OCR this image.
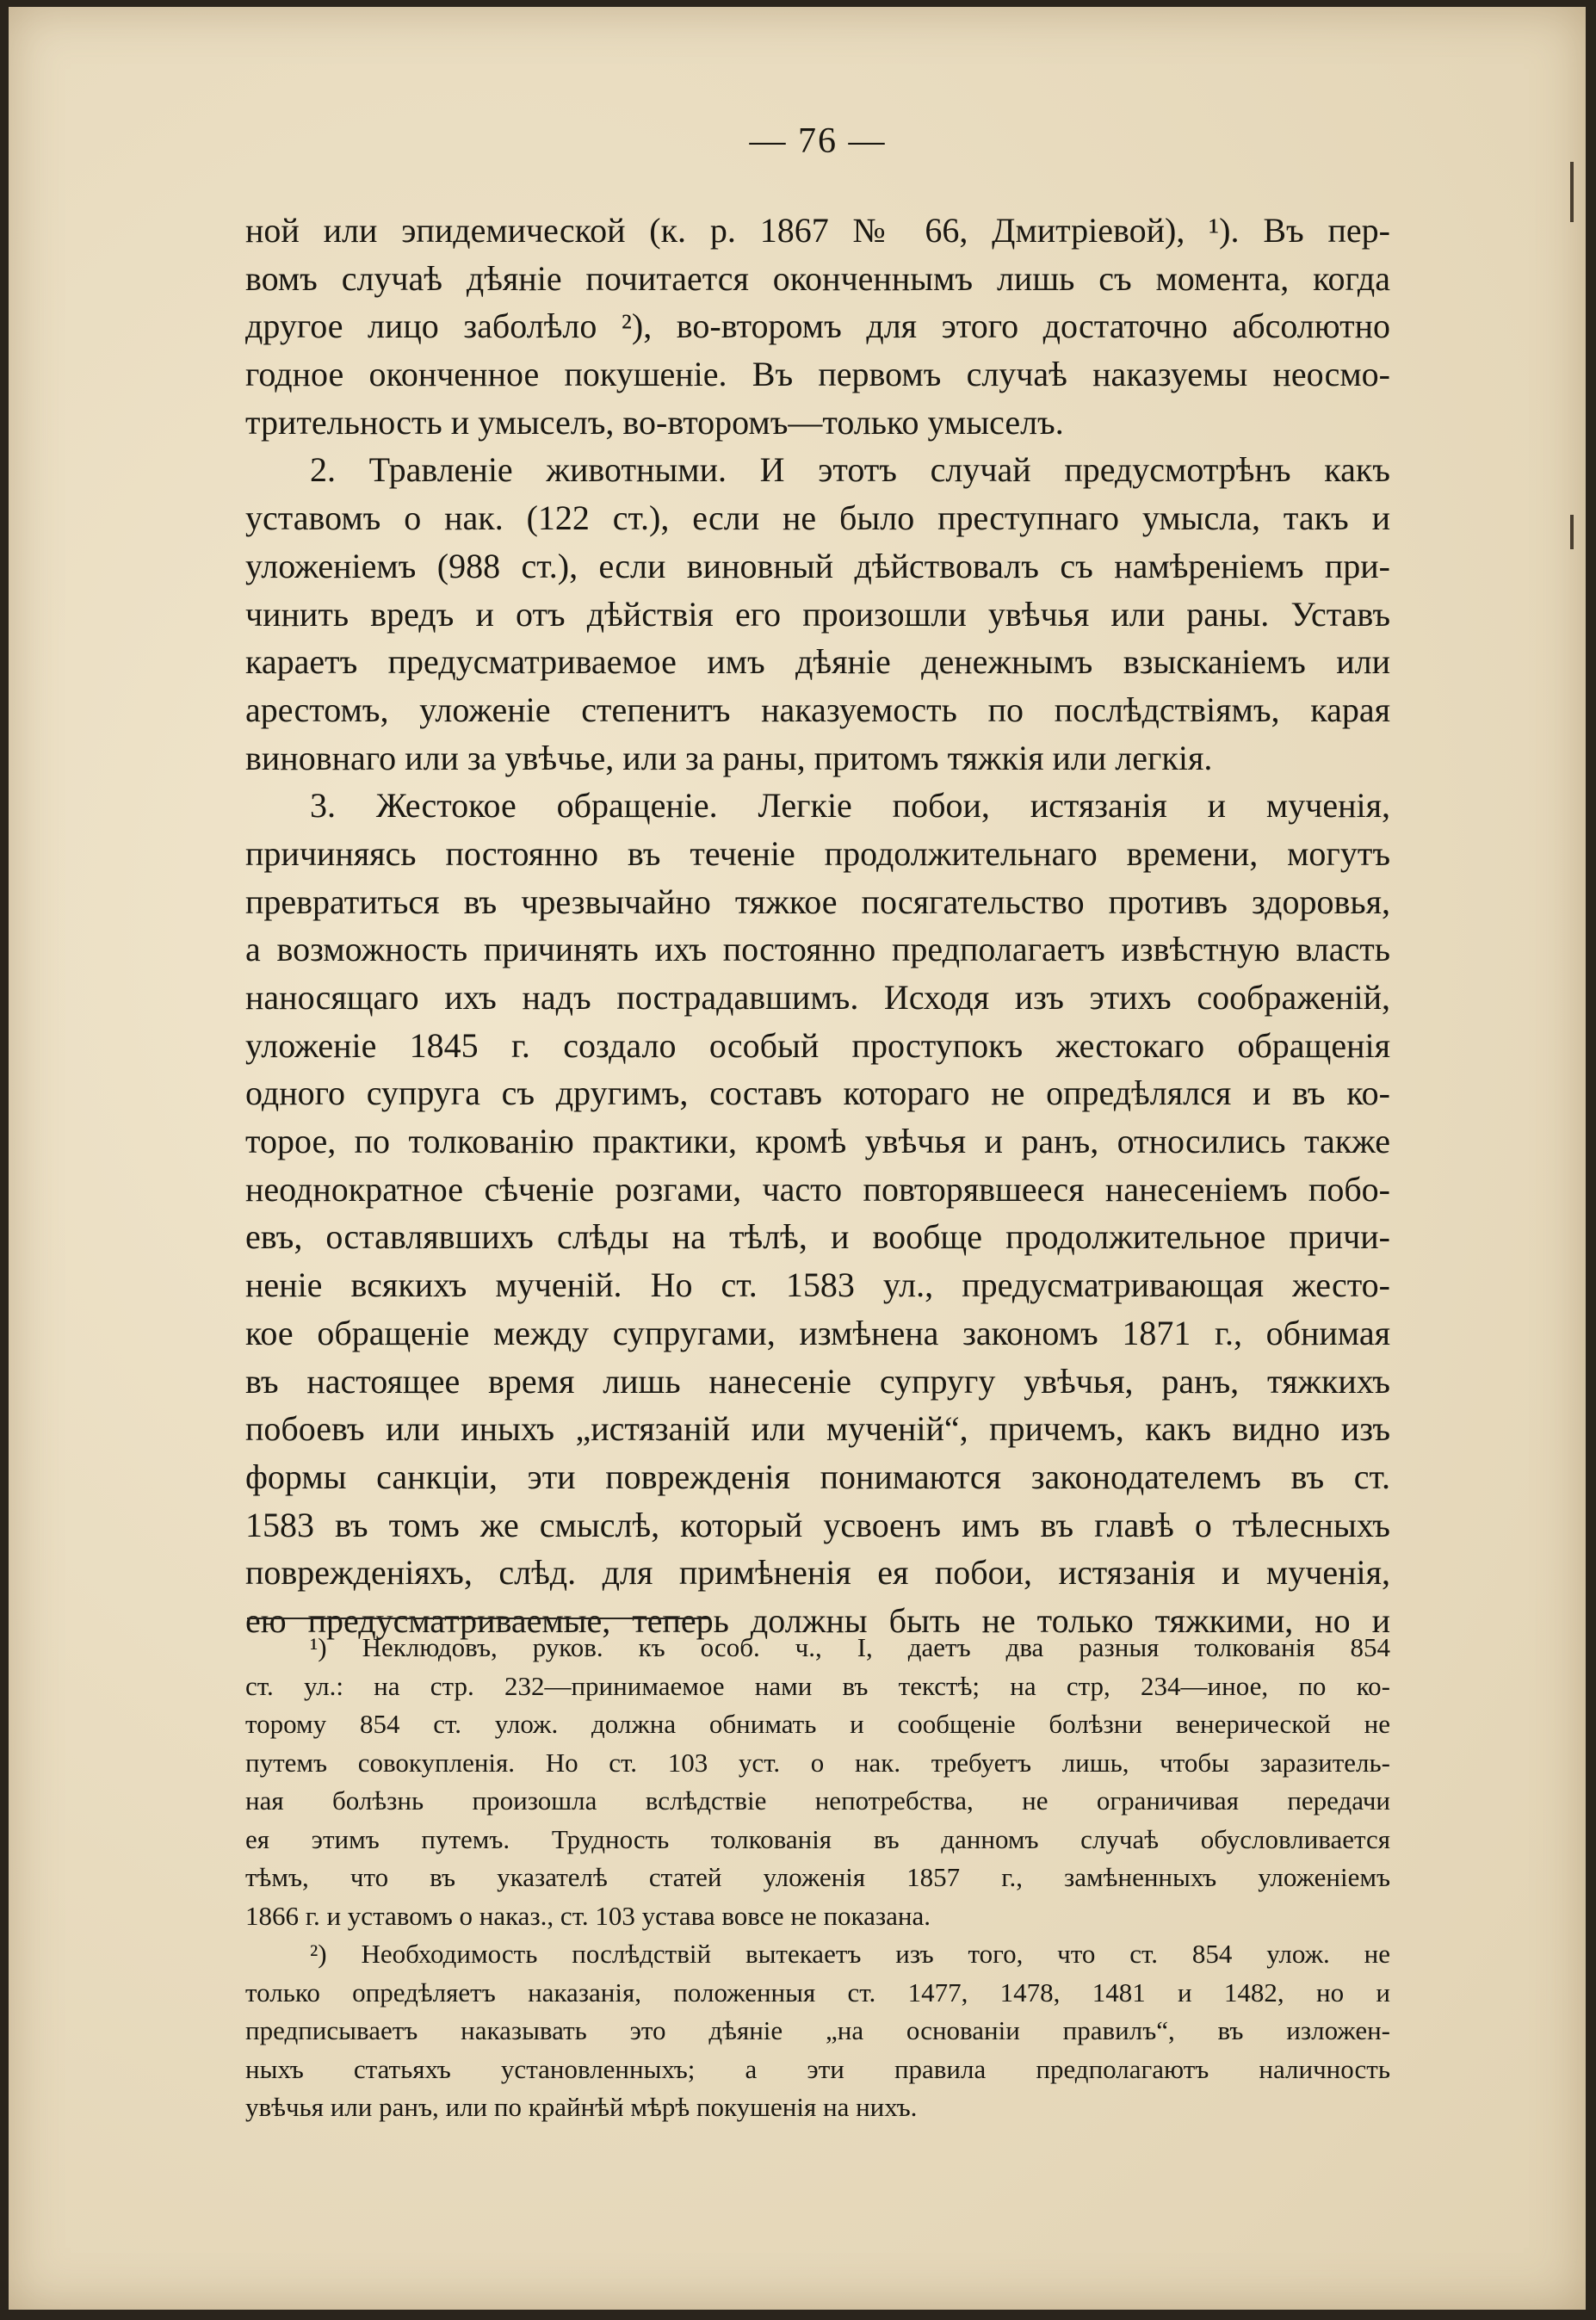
— 76 —
ной или эпидемической (к. р. 1867 № 66, Дмитріевой), ¹). Въ пер-
вомъ случаѣ дѣяніе почитается оконченнымъ лишь съ момента, когда
другое лицо заболѣло ²), во-второмъ для этого достаточно абсолютно
годное оконченное покушеніе. Въ первомъ случаѣ наказуемы неосмо-
трительность и умыселъ, во-второмъ—только умыселъ.
2. Травленіе животными. И этотъ случай предусмотрѣнъ какъ
уставомъ о нак. (122 ст.), если не было преступнаго умысла, такъ и
уложеніемъ (988 ст.), если виновный дѣйствовалъ съ намѣреніемъ при-
чинить вредъ и отъ дѣйствія его произошли увѣчья или раны. Уставъ
караетъ предусматриваемое имъ дѣяніе денежнымъ взысканіемъ или
арестомъ, уложеніе степенитъ наказуемость по послѣдствіямъ, карая
виновнаго или за увѣчье, или за раны, притомъ тяжкія или легкія.
3. Жестокое обращеніе. Легкіе побои, истязанія и мученія,
причиняясь постоянно въ теченіе продолжительнаго времени, могутъ
превратиться въ чрезвычайно тяжкое посягательство противъ здоровья,
а возможность причинять ихъ постоянно предполагаетъ извѣстную власть
наносящаго ихъ надъ пострадавшимъ. Исходя изъ этихъ соображеній,
уложеніе 1845 г. создало особый проступокъ жестокаго обращенія
одного супруга съ другимъ, составъ котораго не опредѣлялся и въ ко-
торое, по толкованію практики, кромѣ увѣчья и ранъ, относились также
неоднократное сѣченіе розгами, часто повторявшееся нанесеніемъ побо-
евъ, оставлявшихъ слѣды на тѣлѣ, и вообще продолжительное причи-
неніе всякихъ мученій. Но ст. 1583 ул., предусматривающая жесто-
кое обращеніе между супругами, измѣнена закономъ 1871 г., обнимая
въ настоящее время лишь нанесеніе супругу увѣчья, ранъ, тяжкихъ
побоевъ или иныхъ „истязаній или мученій“, причемъ, какъ видно изъ
формы санкціи, эти поврежденія понимаются законодателемъ въ ст.
1583 въ томъ же смыслѣ, который усвоенъ имъ въ главѣ о тѣлесныхъ
поврежденіяхъ, слѣд. для примѣненія ея побои, истязанія и мученія,
ею предусматриваемые, теперь должны быть не только тяжкими, но и
¹) Неклюдовъ, руков. къ особ. ч., I, даетъ два разныя толкованія 854
ст. ул.: на стр. 232—принимаемое нами въ текстѣ; на стр, 234—иное, по ко-
торому 854 ст. улож. должна обнимать и сообщеніе болѣзни венерической не
путемъ совокупленія. Но ст. 103 уст. о нак. требуетъ лишь, чтобы заразитель-
ная болѣзнь произошла вслѣдствіе непотребства, не ограничивая передачи
ея этимъ путемъ. Трудность толкованія въ данномъ случаѣ обусловливается
тѣмъ, что въ указателѣ статей уложенія 1857 г., замѣненныхъ уложеніемъ
1866 г. и уставомъ о наказ., ст. 103 устава вовсе не показана.
²) Необходимость послѣдствій вытекаетъ изъ того, что ст. 854 улож. не
только опредѣляетъ наказанія, положенныя ст. 1477, 1478, 1481 и 1482, но и
предписываетъ наказывать это дѣяніе „на основаніи правилъ“, въ изложен-
ныхъ статьяхъ установленныхъ; а эти правила предполагаютъ наличность
увѣчья или ранъ, или по крайнѣй мѣрѣ покушенія на нихъ.
